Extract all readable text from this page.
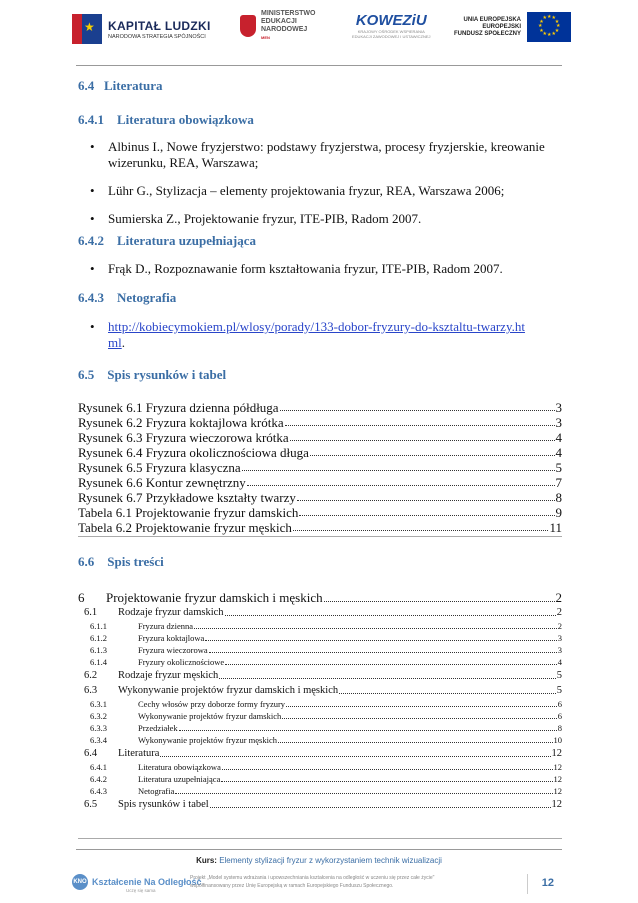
★
KAPITAŁ LUDZKI
NARODOWA STRATEGIA SPÓJNOŚCI
MINISTERSTWO
EDUKACJI
NARODOWEJ
MEN
KOWEZiU
KRAJOWY OŚRODEK WSPIERANIA
EDUKACJI ZAWODOWEJ I USTAWICZNEJ
UNIA EUROPEJSKA
EUROPEJSKI
FUNDUSZ SPOŁECZNY
★
★
★
★
★
★
★
★
★ ★ ★
★
6.4   Literatura
6.4.1    Literatura obowiązkowa
• Albinus I., Nowe fryzjerstwo: podstawy fryzjerstwa, procesy fryzjerskie, kreowanie wizerunku, REA, Warszawa;
• Lühr G., Stylizacja – elementy projektowania fryzur, REA, Warszawa 2006;
• Sumierska Z., Projektowanie fryzur, ITE-PIB, Radom 2007.
6.4.2    Literatura uzupełniająca
• Frąk D., Rozpoznawanie form kształtowania fryzur, ITE-PIB, Radom 2007.
6.4.3    Netografia
• http://kobiecymokiem.pl/wlosy/porady/133-dobor-fryzury-do-ksztaltu-twarzy.html.
6.5    Spis rysunków i tabel
Rysunek 6.1 Fryzura dzienna półdługa	3
Rysunek 6.2 Fryzura koktajlowa krótka	3
Rysunek 6.3 Fryzura wieczorowa krótka	4
Rysunek 6.4 Fryzura okolicznościowa długa	4
Rysunek 6.5 Fryzura klasyczna	5
Rysunek 6.6 Kontur zewnętrzny	7
Rysunek 6.7 Przykładowe kształty twarzy	8
Tabela 6.1 Projektowanie fryzur damskich	9
Tabela 6.2 Projektowanie fryzur męskich	11
6.6    Spis treści
6	Projektowanie fryzur damskich i męskich	2
6.1	Rodzaje fryzur damskich	2
6.1.1	Fryzura dzienna	2
6.1.2	Fryzura koktajlowa	3
6.1.3	Fryzura wieczorowa	3
6.1.4	Fryzury okolicznościowe	4
6.2	Rodzaje fryzur męskich	5
6.3	Wykonywanie projektów fryzur damskich i męskich	5
6.3.1	Cechy włosów przy doborze formy fryzury	6
6.3.2	Wykonywanie projektów fryzur damskich	6
6.3.3	Przedziałek	8
6.3.4	Wykonywanie projektów fryzur męskich	10
6.4	Literatura	12
6.4.1	Literatura obowiązkowa	12
6.4.2	Literatura uzupełniająca	12
6.4.3	Netografia	12
6.5	Spis rysunków i tabel	12
Kurs: Elementy stylizacji fryzur z wykorzystaniem technik wizualizacji
KNO Kształcenie Na Odległość
Uczę się sama
Projekt „Model systemu wdrażania i upowszechniania kształcenia na odległość w uczeniu się przez całe życie"
współfinansowany przez Unię Europejską w ramach Europejskiego Funduszu Społecznego.	12
